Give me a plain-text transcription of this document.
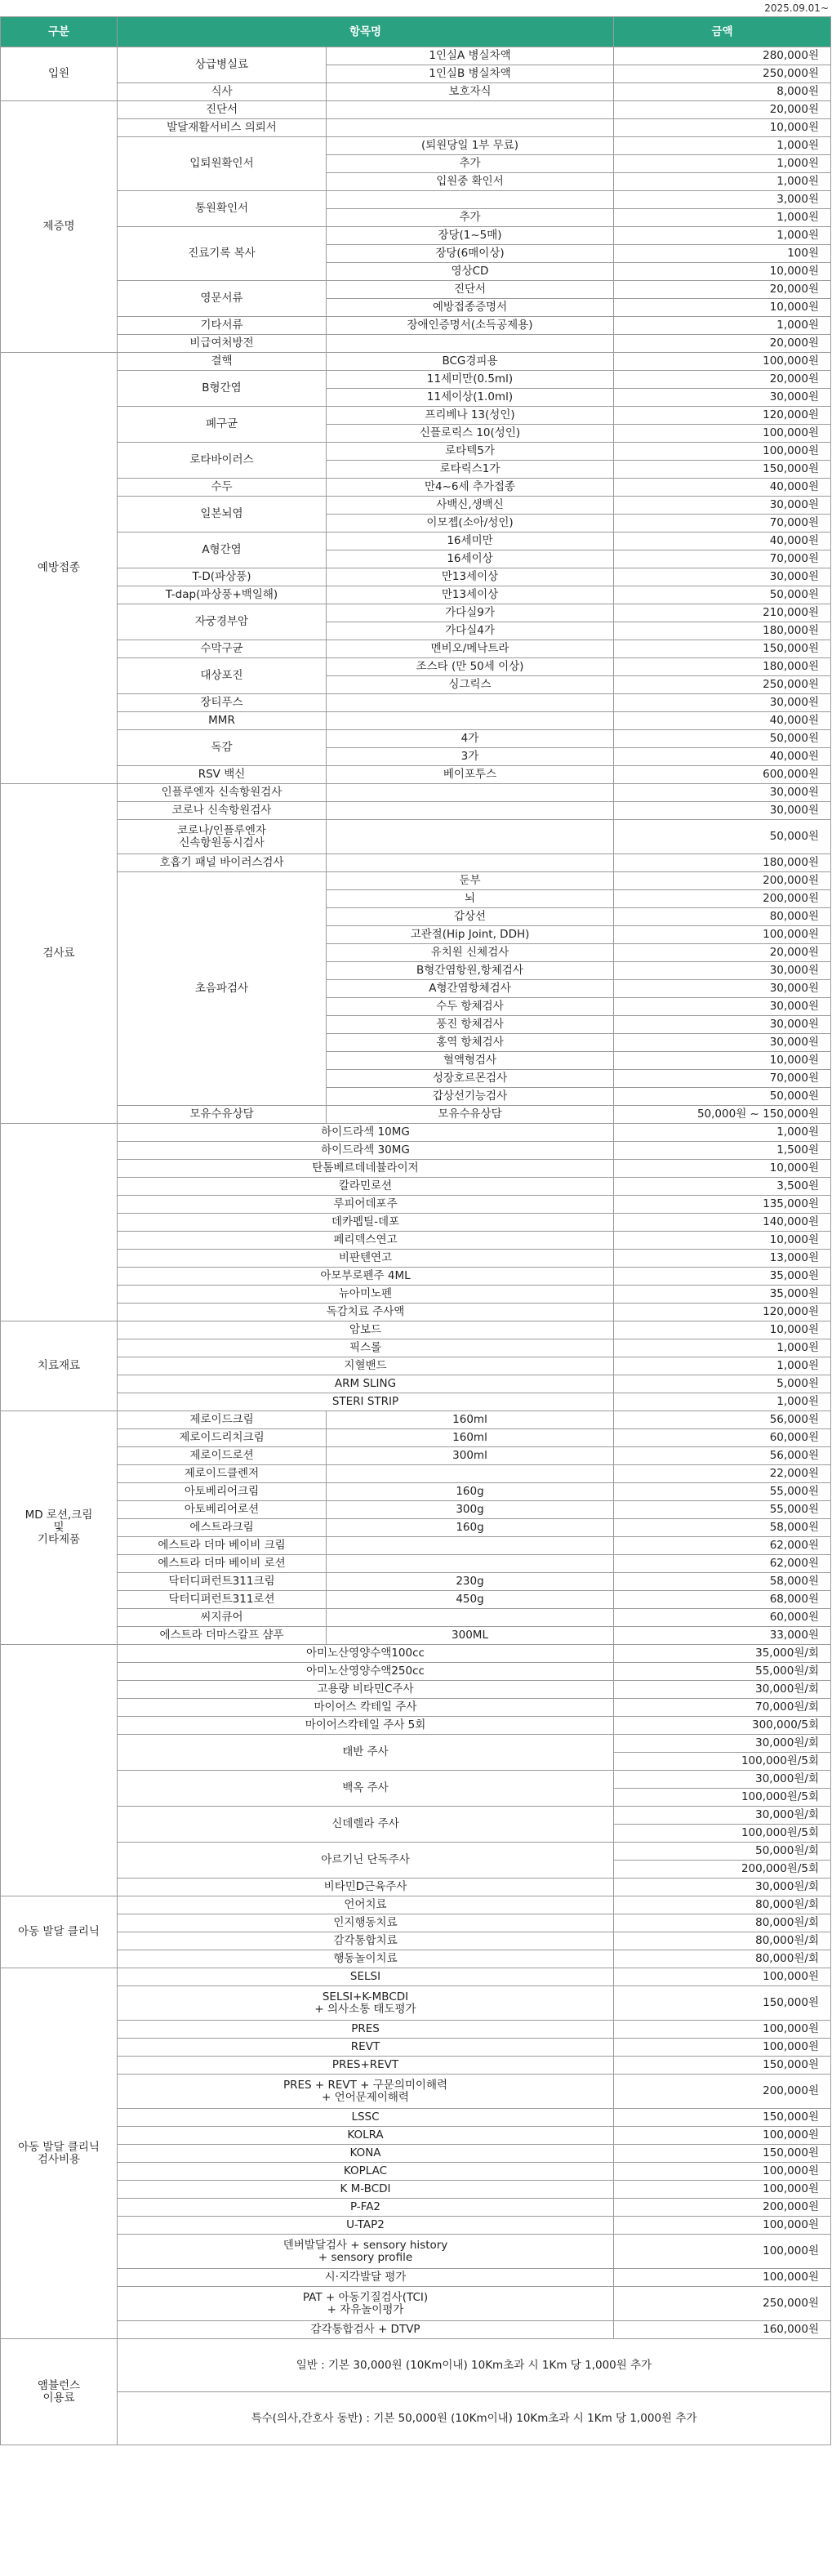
2025.09.01~
구분	항목명		금액
입원	상급병실료	1인실A 병실차액	280,000원
		1인실B 병실차액	250,000원
	식사	보호자식	8,000원
제증명	진단서		20,000원
	발달재활서비스 의뢰서		10,000원
	입퇴원확인서	(퇴원당일 1부 무료)	1,000원
		추가	1,000원
		입원중 확인서	1,000원
	통원확인서		3,000원
		추가	1,000원
	진료기록 복사	장당(1~5매)	1,000원
		장당(6매이상)	100원
		영상CD	10,000원
	영문서류	진단서	20,000원
		예방접종증명서	10,000원
	기타서류	장애인증명서(소득공제용)	1,000원
	비급여처방전		20,000원
예방접종	결핵	BCG경피용	100,000원
	B형간염	11세미만(0.5ml)	20,000원
		11세이상(1.0ml)	30,000원
	폐구균	프리베나 13(성인)	120,000원
		신플로릭스 10(성인)	100,000원
	로타바이러스	로타텍5가	100,000원
		로타릭스1가	150,000원
	수두	만4~6세 추가접종	40,000원
	일본뇌염	사백신,생백신	30,000원
		이모젭(소아/성인)	70,000원
	A형간염	16세미만	40,000원
		16세이상	70,000원
	T-D(파상풍)	만13세이상	30,000원
	T-dap(파상풍+백일해)	만13세이상	50,000원
	자궁경부암	가다실9가	210,000원
		가다실4가	180,000원
	수막구균	멘비오/메낙트라	150,000원
	대상포진	조스타 (만 50세 이상)	180,000원
		싱그릭스	250,000원
	장티푸스		30,000원
	MMR		40,000원
	독감	4가	50,000원
		3가	40,000원
	RSV 백신	베이포투스	600,000원
검사료	인플루엔자 신속항원검사		30,000원
	코로나 신속항원검사		30,000원
	코로나/인플루엔자
신속항원동시검사		50,000원
	호흡기 패널 바이러스검사		180,000원
	초음파검사	둔부	200,000원
		뇌	200,000원
		갑상선	80,000원
		고관절(Hip Joint, DDH)	100,000원
		유치원 신체검사	20,000원
		B형간염항원,항체검사	30,000원
		A형간염항체검사	30,000원
		수두 항체검사	30,000원
		풍진 항체검사	30,000원
		홍역 항체검사	30,000원
		혈액형검사	10,000원
		성장호르몬검사	70,000원
		갑상선기능검사	50,000원
	모유수유상담	모유수유상담	50,000원 ~ 150,000원
	하이드라섹 10MG		1,000원
	하이드라섹 30MG		1,500원
	탄톰베르데네뷸라이저		10,000원
	칼라민로션		3,500원
	루피어데포주		135,000원
	데카펩틸-데포		140,000원
	페리덱스연고		10,000원
	비판텐연고		13,000원
	아모부로펜주 4ML		35,000원
	뉴아미노펜		35,000원
	독감치료 주사액		120,000원
치료재료	암보드		10,000원
	픽스롤		1,000원
	지혈밴드		1,000원
	ARM SLING		5,000원
	STERI STRIP		1,000원
MD 로션,크림
및
기타제품	제로이드크림	160ml	56,000원
	제로이드리치크림	160ml	60,000원
	제로이드로션	300ml	56,000원
	제로이드클렌저		22,000원
	아토베리어크림	160g	55,000원
	아토베리어로션	300g	55,000원
	에스트라크림	160g	58,000원
	에스트라 더마 베이비 크림		62,000원
	에스트라 더마 베이비 로션		62,000원
	닥터디퍼런트311크림	230g	58,000원
	닥터디퍼런트311로션	450g	68,000원
	씨지큐어		60,000원
	에스트라 더마스칼프 샴푸	300ML	33,000원
	아미노산영양수액100cc		35,000원/회
	아미노산영양수액250cc		55,000원/회
	고용량 비타민C주사		30,000원/회
	마이어스 칵테일 주사		70,000원/회
	마이어스칵테일 주사 5회		300,000/5회
	태반 주사		30,000원/회
			100,000원/5회
	백옥 주사		30,000원/회
			100,000원/5회
	신데렐라 주사		30,000원/회
			100,000원/5회
	아르기닌 단독주사		50,000원/회
			200,000원/5회
	비타민D근육주사		30,000원/회
아동 발달 클리닉	언어치료		80,000원/회
	인지행동치료		80,000원/회
	감각통합치료		80,000원/회
	행동놀이치료		80,000원/회
아동 발달 클리닉
검사비용	SELSI		100,000원
	SELSI+K-MBCDI
+ 의사소통 태도평가		150,000원
	PRES		100,000원
	REVT		100,000원
	PRES+REVT		150,000원
	PRES + REVT + 구문의미이해력
+ 언어문제이해력		200,000원
	LSSC		150,000원
	KOLRA		100,000원
	KONA		150,000원
	KOPLAC		100,000원
	K M-BCDI		100,000원
	P-FA2		200,000원
	U-TAP2		100,000원
	덴버발달검사 + sensory history
+ sensory profile		100,000원
	시·지각발달 평가		100,000원
	PAT + 아동기질검사(TCI)
+ 자유놀이평가		250,000원
	감각통합검사 + DTVP		160,000원
앰뷸런스
이용료	일반 : 기본 30,000원 (10Km이내) 10Km초과 시 1Km 당 1,000원 추가		
	특수(의사,간호사 동반) : 기본 50,000원 (10Km이내) 10Km초과 시 1Km 당 1,000원 추가		
